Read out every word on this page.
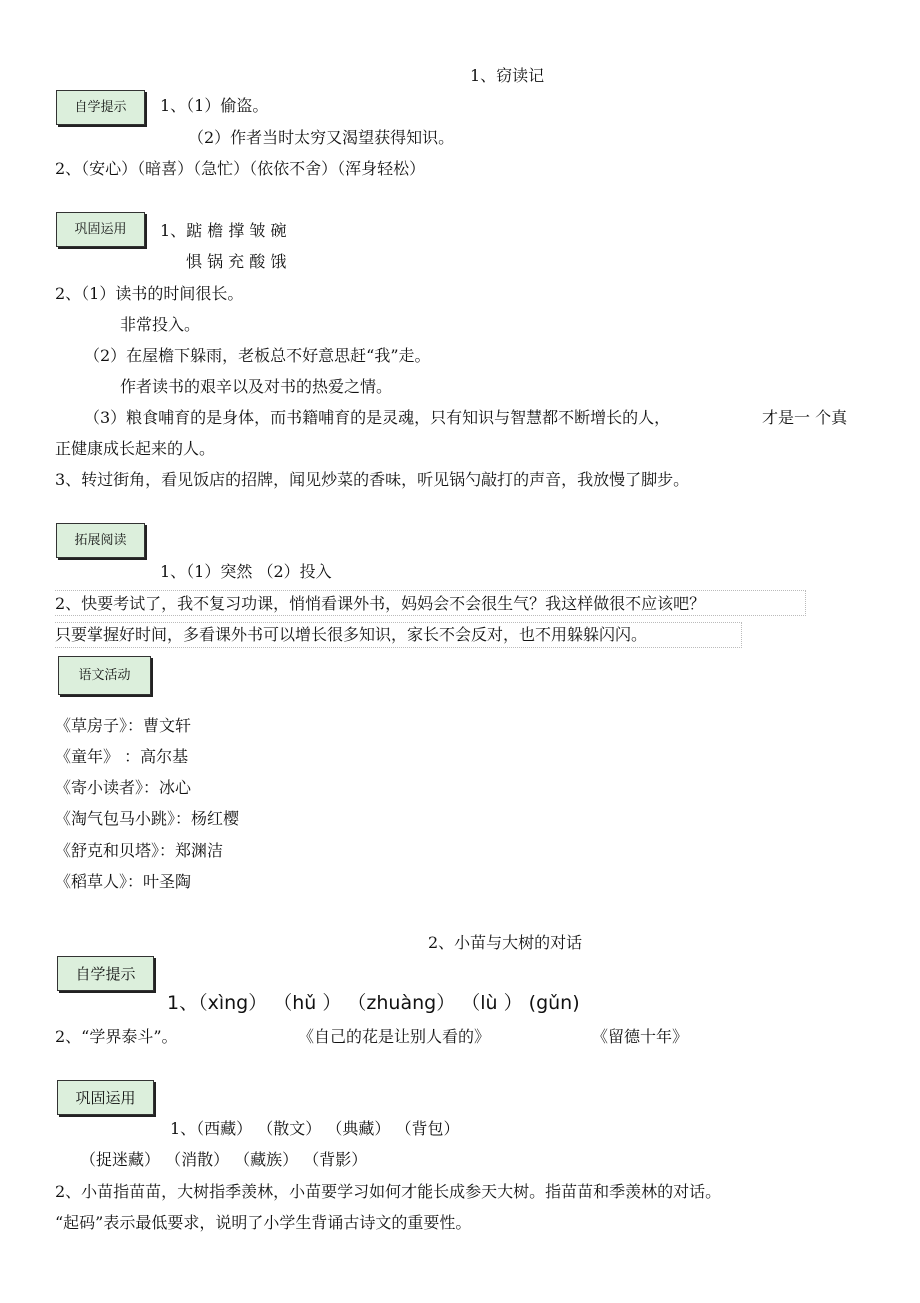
1、窃读记
自学提示	1、（1）偷盗。
（2）作者当时太穷又渴望获得知识。
2、（安心）（暗喜）（急忙）（依依不舍）（浑身轻松）
巩固运用	1、踮 檐 撑 皱 碗
惧 锅 充 酸 饿
2、（1）读书的时间很长。
非常投入。
（2）在屋檐下躲雨，老板总不好意思赶“我”走。
作者读书的艰辛以及对书的热爱之情。
（3）粮食哺育的是身体，而书籍哺育的是灵魂，只有知识与智慧都不断增长的人，	才是一 个真
正健康成长起来的人。
3、转过街角，看见饭店的招牌，闻见炒菜的香味，听见锅勺敲打的声音，我放慢了脚步。
拓展阅读
1、（1）突然 （2）投入
2、快要考试了，我不复习功课，悄悄看课外书，妈妈会不会很生气？我这样做很不应该吧？
只要掌握好时间，多看课外书可以增长很多知识，家长不会反对，也不用躲躲闪闪。
语文活动
《草房子》：曹文轩
《童年》 ：高尔基
《寄小读者》：冰心
《淘气包马小跳》：杨红樱
《舒克和贝塔》：郑渊洁
《稻草人》：叶圣陶
2、小苗与大树的对话
自学提示
1、（xìng） （hǔ ） （zhuàng） （lù ） (gǔn)
2、“学界泰斗”。	《自己的花是让别人看的》	《留德十年》
巩固运用
1、（西藏） （散文） （典藏） （背包）
（捉迷藏） （消散） （藏族） （背影）
2、小苗指苗苗，大树指季羡林，小苗要学习如何才能长成参天大树。指苗苗和季羡林的对话。
“起码”表示最低要求，说明了小学生背诵古诗文的重要性。
